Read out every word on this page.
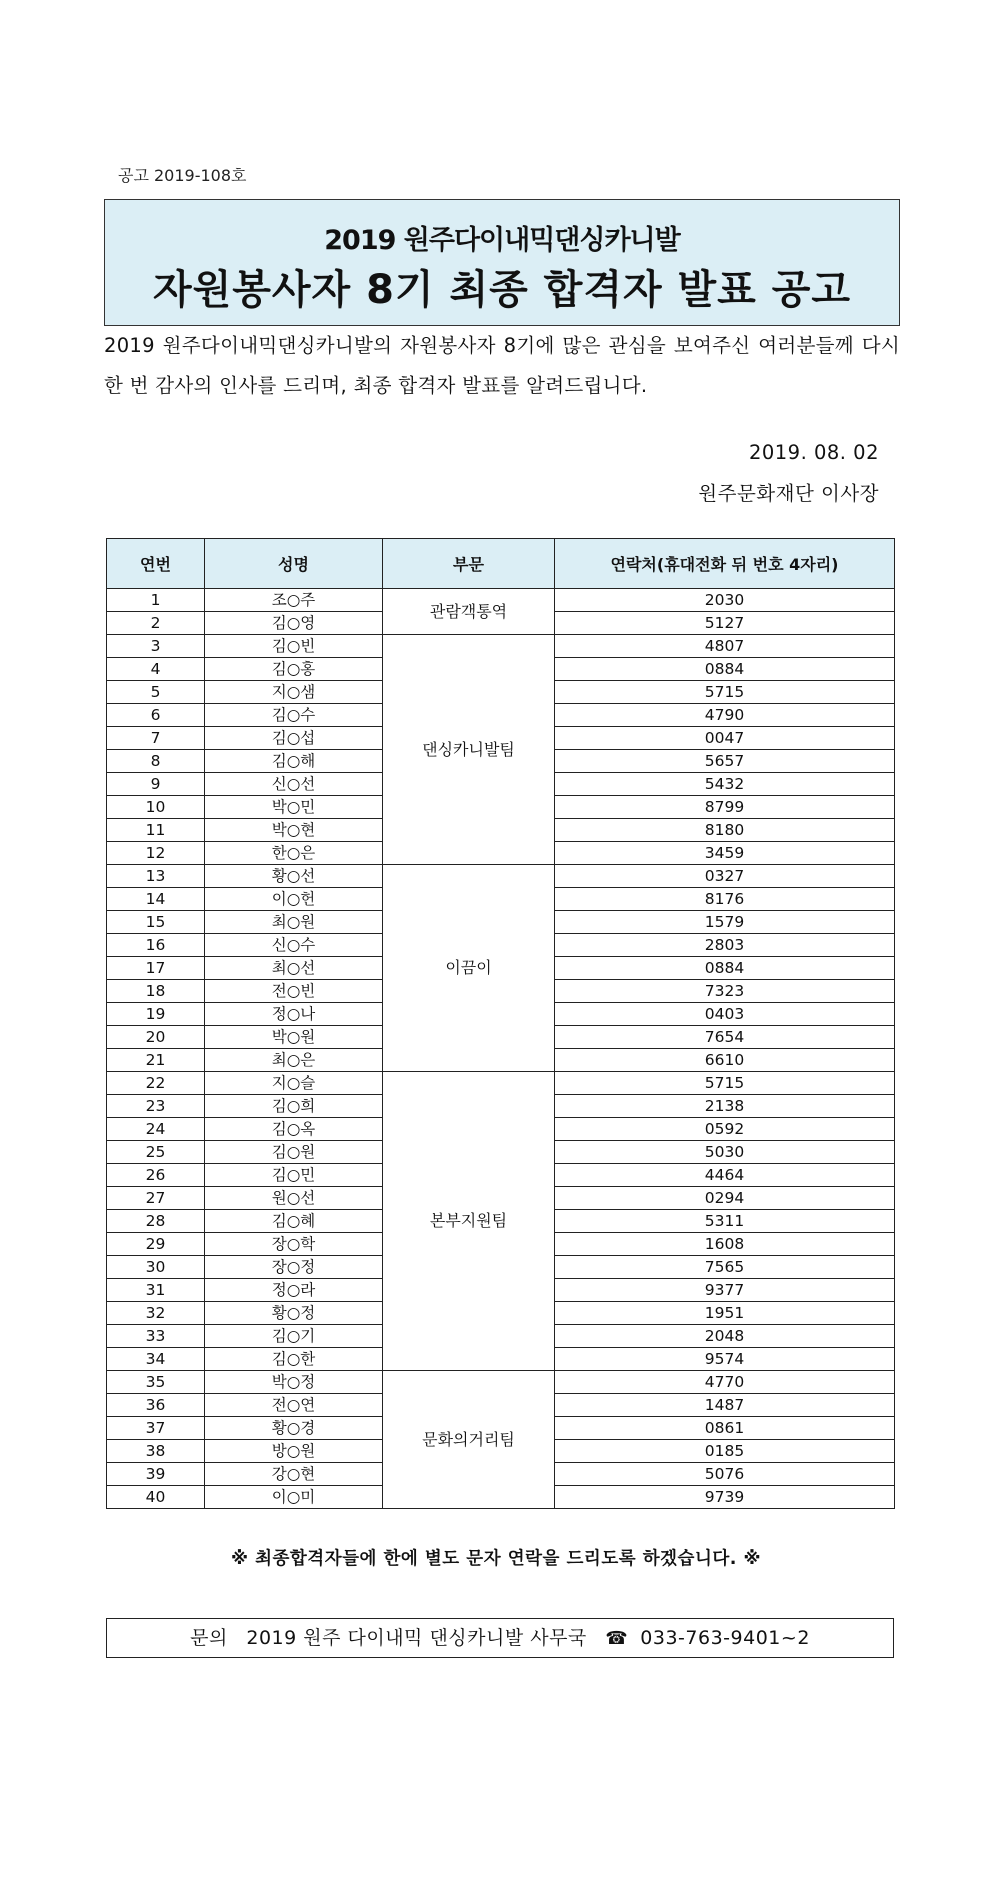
공고 2019-108호
2019 원주다이내믹댄싱카니발
자원봉사자 8기 최종 합격자 발표 공고
2019 원주다이내믹댄싱카니발의 자원봉사자 8기에 많은 관심을 보여주신 여러분들께 다시 한 번 감사의 인사를 드리며, 최종 합격자 발표를 알려드립니다.
2019. 08. 02
원주문화재단 이사장
연번	성명	부문	연락처(휴대전화 뒤 번호 4자리)
1	조○주	관람객통역	2030
2	김○영		5127
3	김○빈	댄싱카니발팀	4807
4	김○홍		0884
5	지○샘		5715
6	김○수		4790
7	김○섭		0047
8	김○해		5657
9	신○선		5432
10	박○민		8799
11	박○현		8180
12	한○은		3459
13	황○선	이끔이	0327
14	이○헌		8176
15	최○원		1579
16	신○수		2803
17	최○선		0884
18	전○빈		7323
19	정○나		0403
20	박○원		7654
21	최○은		6610
22	지○슬	본부지원팀	5715
23	김○희		2138
24	김○옥		0592
25	김○원		5030
26	김○민		4464
27	원○선		0294
28	김○혜		5311
29	장○학		1608
30	장○정		7565
31	정○라		9377
32	황○정		1951
33	김○기		2048
34	김○한		9574
35	박○정	문화의거리팀	4770
36	전○연		1487
37	황○경		0861
38	방○원		0185
39	강○현		5076
40	이○미		9739
※ 최종합격자들에 한에 별도 문자 연락을 드리도록 하겠습니다. ※
문의 2019 원주 다이내믹 댄싱카니발 사무국 ☎ 033-763-9401~2
